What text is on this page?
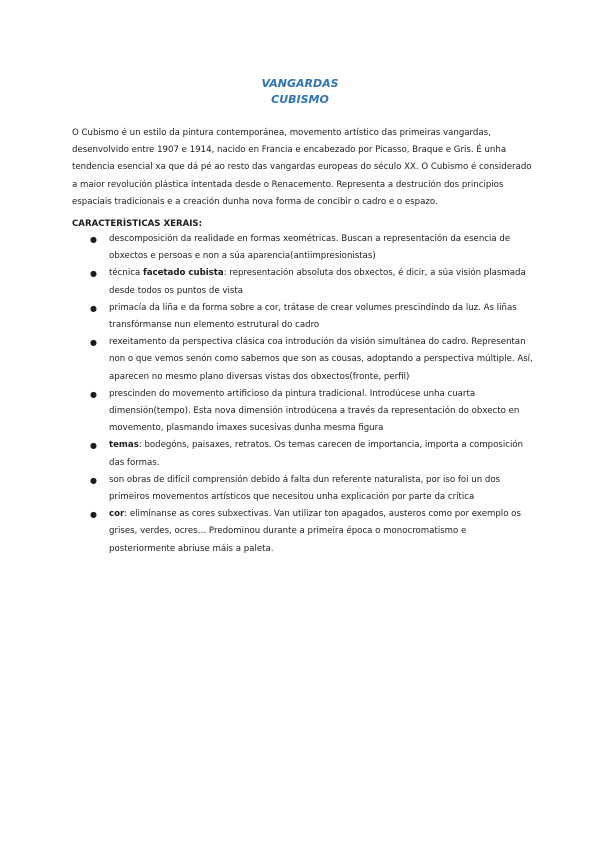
VANGARDAS
CUBISMO

O Cubismo é un estilo da pintura contemporánea, movemento artístico das primeiras vangardas, desenvolvido entre 1907 e 1914, nacido en Francia e encabezado por Picasso, Braque e Gris. É unha tendencia esencial xa que dá pé ao resto das vangardas europeas do século XX. O Cubismo é considerado a maior revolución plástica intentada desde o Renacemento. Representa a destrución dos principios espaciais tradicionais e a creación dunha nova forma de concibir o cadro e o espazo.

CARACTERÍSTICAS XERAIS:

● descomposición da realidade en formas xeométricas. Buscan a representación da esencia de obxectos e persoas e non a súa aparencia(antiimpresionistas)
● técnica facetado cubista: representación absoluta dos obxectos, é dicir, a súa visión plasmada desde todos os puntos de vista
● primacía da liña e da forma sobre a cor, trátase de crear volumes prescindindo da luz. As liñas transfórmanse nun elemento estrutural do cadro
● rexeitamento da perspectiva clásica coa introdución da visión simultánea do cadro. Representan non o que vemos senón como sabemos que son as cousas, adoptando a perspectiva múltiple. Así, aparecen no mesmo plano diversas vistas dos obxectos(fronte, perfil)
● prescinden do movemento artificioso da pintura tradicional. Introdúcese unha cuarta dimensión(tempo). Esta nova dimensión introdúcena a través da representación do obxecto en movemento, plasmando imaxes sucesivas dunha mesma figura
● temas: bodegóns, paisaxes, retratos. Os temas carecen de importancia, importa a composición das formas.
● son obras de difícil comprensión debido á falta dun referente naturalista, por iso foi un dos primeiros movementos artísticos que necesitou unha explicación por parte da crítica
● cor: elimínanse as cores subxectivas. Van utilizar ton apagados, austeros como por exemplo os grises, verdes, ocres… Predominou durante a primeira época o monocromatismo e posteriormente abriuse máis a paleta.
